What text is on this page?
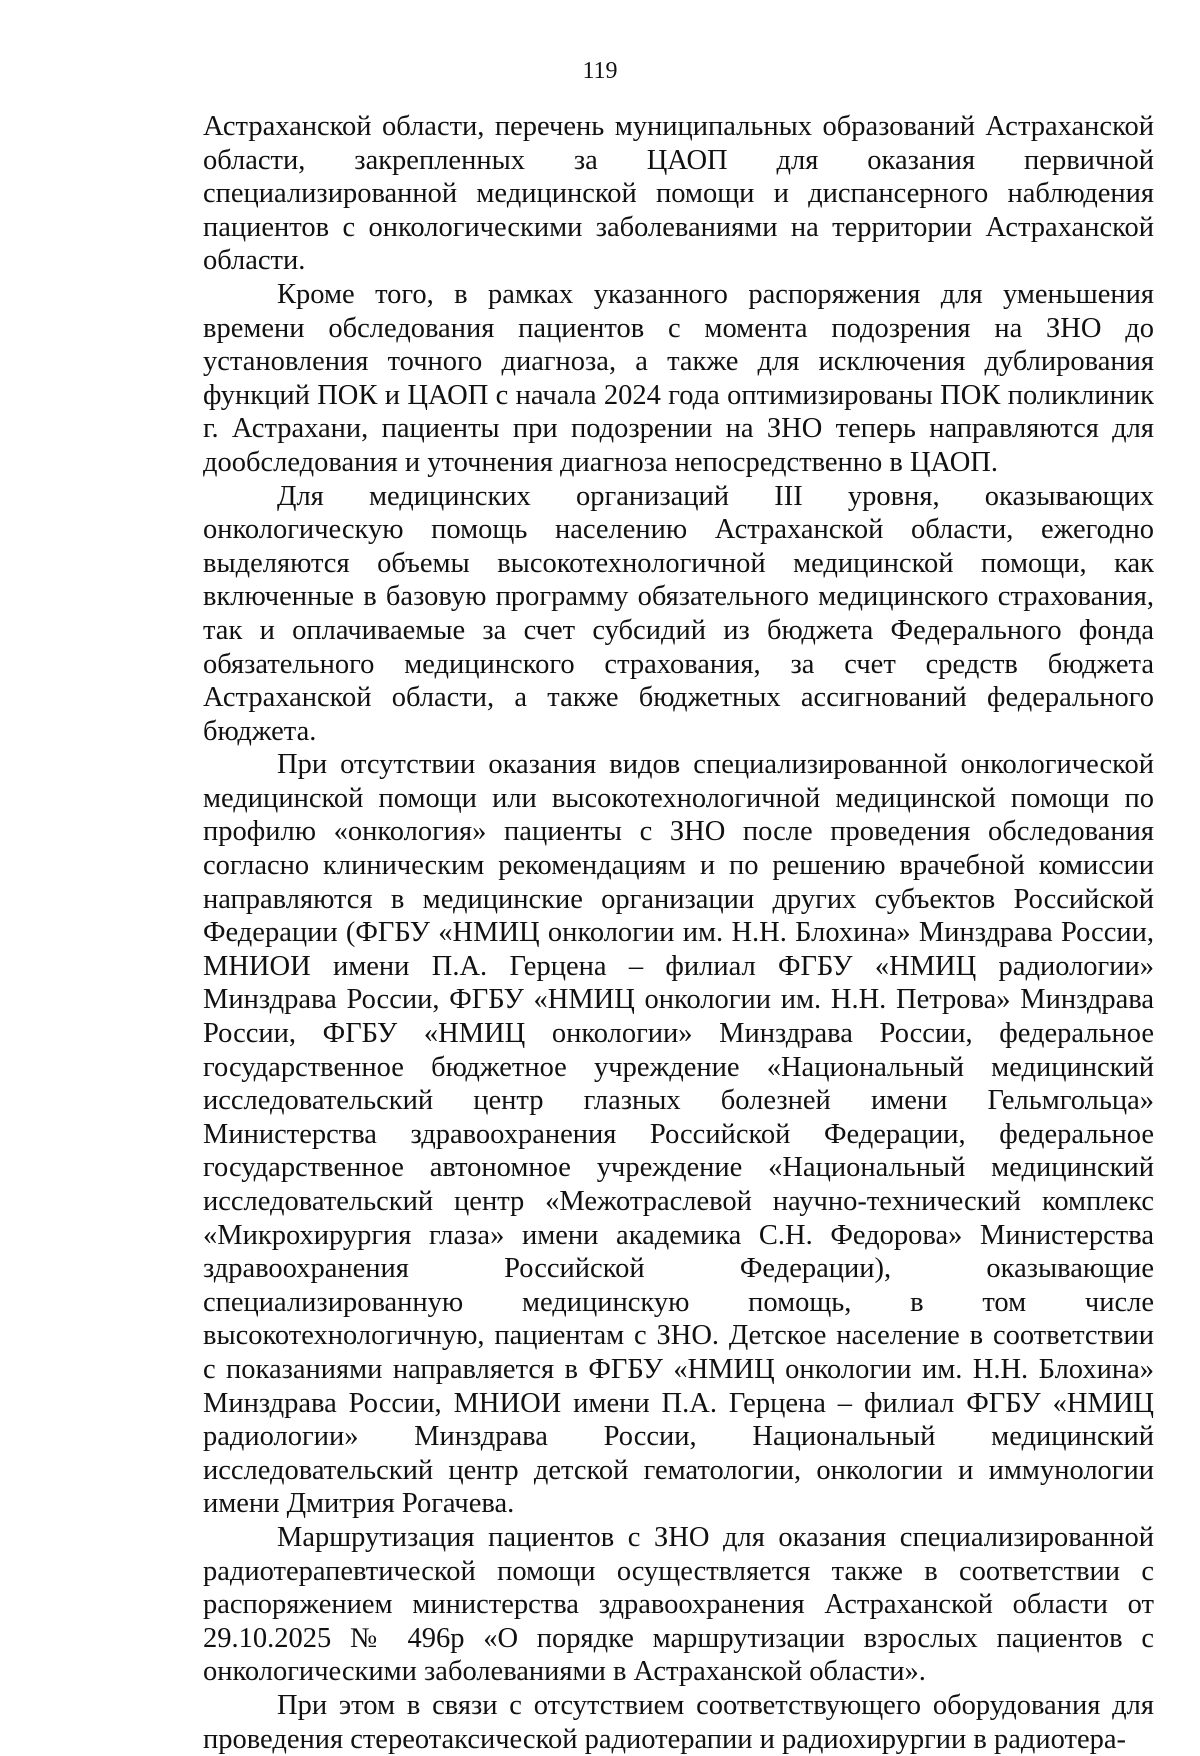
119

Астраханской области, перечень муниципальных образований Астраханской области, закрепленных за ЦАОП для оказания первичной специализированной медицинской помощи и диспансерного наблюдения пациентов с онкологическими заболеваниями на территории Астраханской области.

Кроме того, в рамках указанного распоряжения для уменьшения времени обследования пациентов с момента подозрения на ЗНО до установления точного диагноза, а также для исключения дублирования функций ПОК и ЦАОП с начала 2024 года оптимизированы ПОК поликлиник г. Астрахани, пациенты при подозрении на ЗНО теперь направляются для дообследования и уточнения диагноза непосредственно в ЦАОП.

Для медицинских организаций III уровня, оказывающих онкологическую помощь населению Астраханской области, ежегодно выделяются объемы высокотехнологичной медицинской помощи, как включенные в базовую программу обязательного медицинского страхования, так и оплачиваемые за счет субсидий из бюджета Федерального фонда обязательного медицинского страхования, за счет средств бюджета Астраханской области, а также бюджетных ассигнований федерального бюджета.

При отсутствии оказания видов специализированной онкологической медицинской помощи или высокотехнологичной медицинской помощи по профилю «онкология» пациенты с ЗНО после проведения обследования согласно клиническим рекомендациям и по решению врачебной комиссии направляются в медицинские организации других субъектов Российской Федерации (ФГБУ «НМИЦ онкологии им. Н.Н. Блохина» Минздрава России, МНИОИ имени П.А. Герцена – филиал ФГБУ «НМИЦ радиологии» Минздрава России, ФГБУ «НМИЦ онкологии им. Н.Н. Петрова» Минздрава России, ФГБУ «НМИЦ онкологии» Минздрава России, федеральное государственное бюджетное учреждение «Национальный медицинский исследовательский центр глазных болезней имени Гельмгольца» Министерства здравоохранения Российской Федерации, федеральное государственное автономное учреждение «Национальный медицинский исследовательский центр «Межотраслевой научно-технический комплекс «Микрохирургия глаза» имени академика С.Н. Федорова» Министерства здравоохранения Российской Федерации), оказывающие специализированную медицинскую помощь, в том числе высокотехнологичную, пациентам с ЗНО. Детское население в соответствии с показаниями направляется в ФГБУ «НМИЦ онкологии им. Н.Н. Блохина» Минздрава России, МНИОИ имени П.А. Герцена – филиал ФГБУ «НМИЦ радиологии» Минздрава России, Национальный медицинский исследовательский центр детской гематологии, онкологии и иммунологии имени Дмитрия Рогачева.

Маршрутизация пациентов с ЗНО для оказания специализированной радиотерапевтической помощи осуществляется также в соответствии с распоряжением министерства здравоохранения Астраханской области от 29.10.2025 № 496р «О порядке маршрутизации взрослых пациентов с онкологическими заболеваниями в Астраханской области».

При этом в связи с отсутствием соответствующего оборудования для проведения стереотаксической радиотерапии и радиохирургии в радиотера-
